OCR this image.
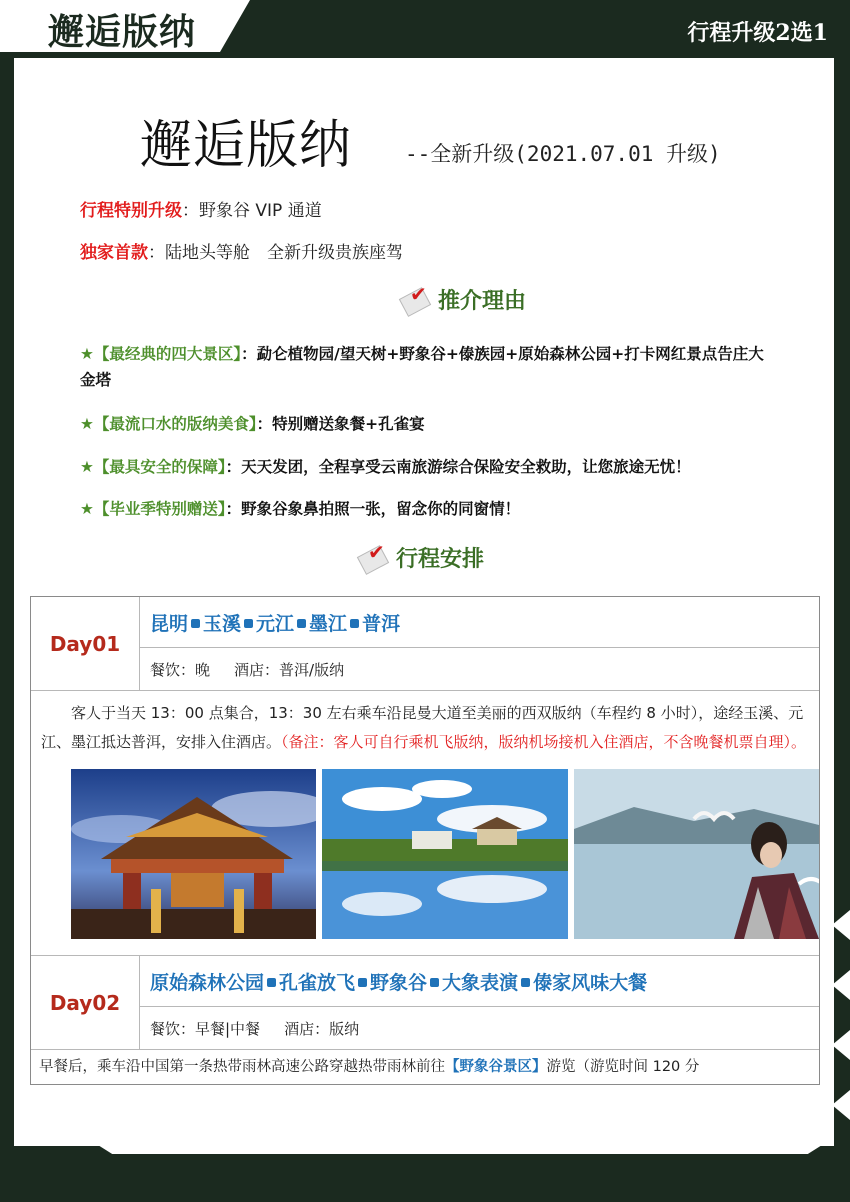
邂逅版纳	行程升级2选1
邂逅版纳	--全新升级(2021.07.01 升级)
行程特别升级：野象谷 VIP 通道
独家首款：陆地头等舱　全新升级贵族座驾
✔ 推介理由
★【最经典的四大景区】：勐仑植物园/望天树+野象谷+傣族园+原始森林公园+打卡网红景点告庄大金塔
★【最流口水的版纳美食】：特别赠送象餐+孔雀宴
★【最具安全的保障】：天天发团，全程享受云南旅游综合保险安全救助，让您旅途无忧！
★【毕业季特别赠送】：野象谷象鼻拍照一张，留念你的同窗情！
✔ 行程安排
Day01
昆明 玉溪 元江 墨江 普洱
餐饮：晚 酒店：普洱/版纳
客人于当天 13：00 点集合，13：30 左右乘车沿昆曼大道至美丽的西双版纳（车程约 8 小时），途经玉溪、元江、墨江抵达普洱，安排入住酒店。（备注：客人可自行乘机飞版纳，版纳机场接机入住酒店，不含晚餐机票自理）。
Day02
原始森林公园 孔雀放飞 野象谷 大象表演 傣家风味大餐
餐饮：早餐|中餐 酒店：版纳
早餐后，乘车沿中国第一条热带雨林高速公路穿越热带雨林前往【野象谷景区】游览（游览时间 120 分
